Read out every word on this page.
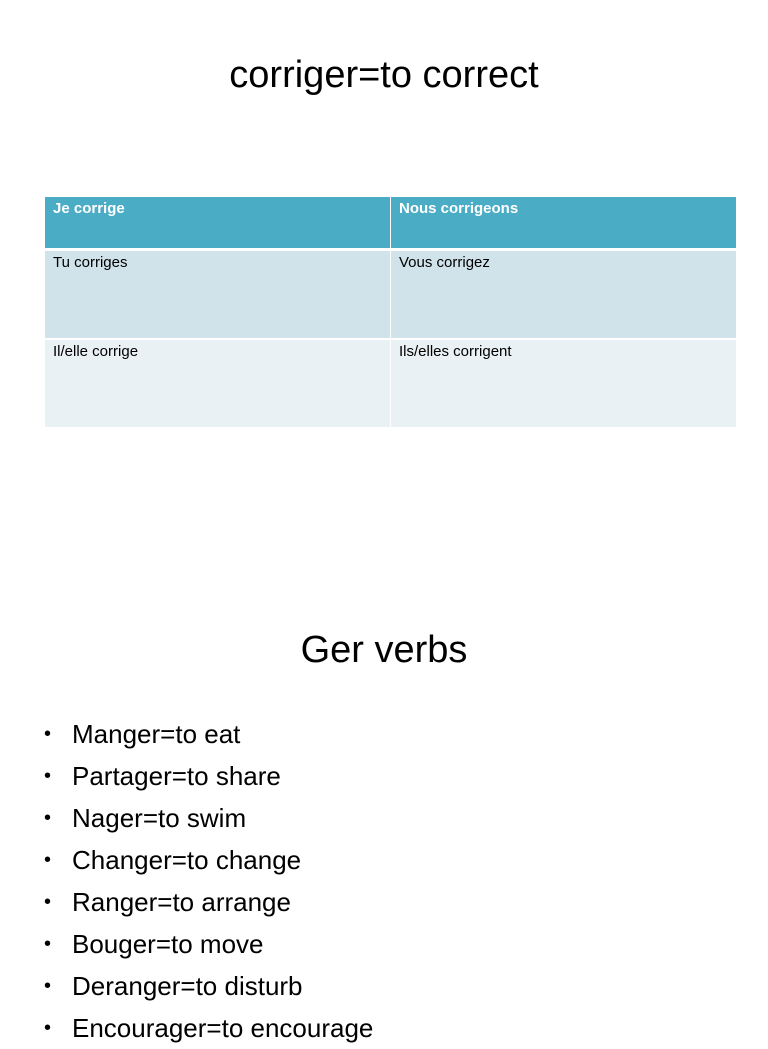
corriger=to correct
Je corrige	Nous corrigeons
Tu corriges	Vous corrigez
Il/elle corrige	Ils/elles corrigent
Ger verbs
• Manger=to eat
• Partager=to share
• Nager=to swim
• Changer=to change
• Ranger=to arrange
• Bouger=to move
• Deranger=to disturb
• Encourager=to encourage
